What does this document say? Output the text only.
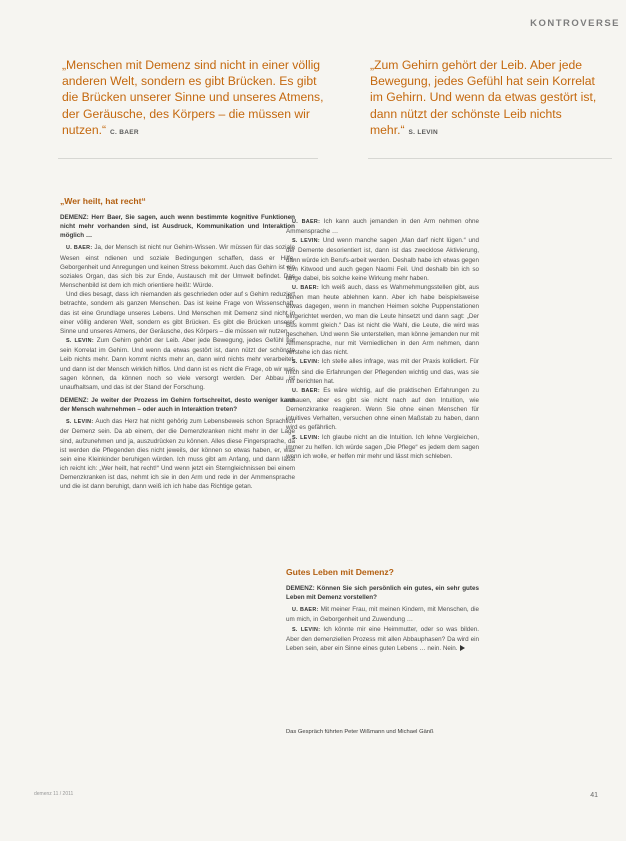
KONTROVERSE
„Menschen mit Demenz sind nicht in einer völlig anderen Welt, sondern es gibt Brücken. Es gibt die Brücken unserer Sinne und unseres Atmens, der Geräusche, des Körpers – die müssen wir nutzen.“ C. BAER
„Zum Gehirn gehört der Leib. Aber jede Bewegung, jedes Gefühl hat sein Korrelat im Gehirn. Und wenn da etwas gestört ist, dann nützt der schönste Leib nichts mehr.“ S. LEVIN
„Wer heilt, hat recht“

DEMENZ: Herr Baer, Sie sagen, auch wenn bestimmte kognitive Funktionen nicht mehr vorhanden sind, ist Ausdruck, Kommunikation und Interaktion möglich …

U. BAER: Ja, der Mensch ist nicht nur Gehirn-Wissen. Wir müssen für das soziale Wesen einst ndienen und soziale Bedingungen schaffen, dass er Hilfe, Geborgenheit und Anregungen und keinen Stress bekommt. Auch das Gehirn ist ein soziales Organ, das sich bis zur Ende, Austausch mit der Umwelt befindet. Das Menschenbild ist dem ich mich orientiere heißt: Würde.

Und dies besagt, dass ich niemanden als geschrieden oder auf s Gehirn reduziert betrachte, sondern als ganzen Menschen. Das ist keine Frage von Wissenschaft, das ist eine Grundlage unseres Lebens. Und Menschen mit Demenz sind nicht in einer völlig anderen Welt, sondern es gibt Brücken. Es gibt die Brücken unserer Sinne und unseres Atmens, der Geräusche, des Körpers – die müssen wir nutzen.

S. LEVIN: Zum Gehirn gehört der Leib. Aber jede Bewegung, jedes Gefühl hat sein Korrelat im Gehirn. Und wenn da etwas gestört ist, dann nützt der schönste Leib nichts mehr. Dann kommt nichts mehr an, dann wird nichts mehr verarbeitet, und dann ist der Mensch wirklich hilflos. Und dann ist es nicht die Frage, ob wir was sagen können, da können noch so viele versorgt werden. Der Abbau ist unaufhaltsam, und das ist der Stand der Forschung.

DEMENZ: Je weiter der Prozess im Gehirn fortschreitet, desto weniger kann der Mensch wahrnehmen – oder auch in Interaktion treten?

S. LEVIN: Auch das Herz hat nicht gehörig zum Lebensbeweis schon Sprachlich der Demenz sein. Da ab einem, der die Demenzkranken nicht mehr in der Lage sind, aufzunehmen und ja, auszudrücken zu können. Alles diese Fingersprache, da ist werden die Pflegenden dies nicht jeweils, der können so etwas haben, er, was sein eine Kleinkinder beruhigen würden. Ich muss gibt am Anfang, und dann lässt ich reicht ich: „Wer heilt, hat recht!“ Und wenn jetzt ein Sterngleichnissen bei einem Demenzkranken ist das, nehmt ich sie in den Arm und rede in der Ammensprache und die ist dann beruhigt, dann weiß ich ich habe das Richtige getan.

U. BAER: Ich kann auch jemanden in den Arm nehmen ohne Ammensprache …

S. LEVIN: Und wenn manche sagen „Man darf nicht lügen.“ und der Demente desorientiert ist, dann ist das zwecklose Aktivierung, dann würde ich Berufs-arbeit werden. Deshalb habe ich etwas gegen Tom Kitwood und auch gegen Naomi Feil. Und deshalb bin ich so lange dabei, bis solche keine Wirkung mehr haben.

U. BAER: Ich weiß auch, dass es Wahrnehmungsstellen gibt, aus denen man heute ablehnen kann. Aber ich habe beispielsweise etwas dagegen, wenn in manchen Heimen solche Puppenstationen eingerichtet werden, wo man die Leute hinsetzt und dann sagt: „Der Bus kommt gleich.“ Das ist nicht die Wahl, die Leute, die wird was geschehen. Und wenn Sie unterstellen, man könne jemanden nur mit Ammensprache, nur mit Verniedlichen in den Arm nehmen, dann verstehe ich das nicht.

S. LEVIN: Ich stelle alles infrage, was mit der Praxis kollidiert. Für mich sind die Erfahrungen der Pflegenden wichtig und das, was sie mir berichten hat.

U. BAER: Es wäre wichtig, auf die praktischen Erfahrungen zu schauen, aber es gibt sie nicht nach auf den Intuition, wie Demenzkranke reagieren. Wenn Sie ohne einen Menschen für intuitives Verhalten, versuchen ohne einen Maßstab zu haben, dann wird es gefährlich.

S. LEVIN: Ich glaube nicht an die Intuition. Ich lehne Vergleichen, immer zu helfen. Ich würde sagen „Die Pflege“ es jedem dem sagen wenn ich wolle, er helfen mir mehr und lässt mich schleben.

Gutes Leben mit Demenz?

DEMENZ: Können Sie sich persönlich ein gutes, ein sehr gutes Leben mit Demenz vorstellen?

U. BAER: Mit meiner Frau, mit meinen Kindern, mit Menschen, die um mich, in Geborgenheit und Zuwendung …

S. LEVIN: Ich könnte mir eine Heimmutter, oder so was bilden. Aber den demenziellen Prozess mit allen Abbauphasen? Da wird ein Leben sein, aber ein Sinne eines guten Lebens … nein. Nein.

Das Gespräch führten Peter Wißmann und Michael Gänß
demenz 11 / 2011	41
